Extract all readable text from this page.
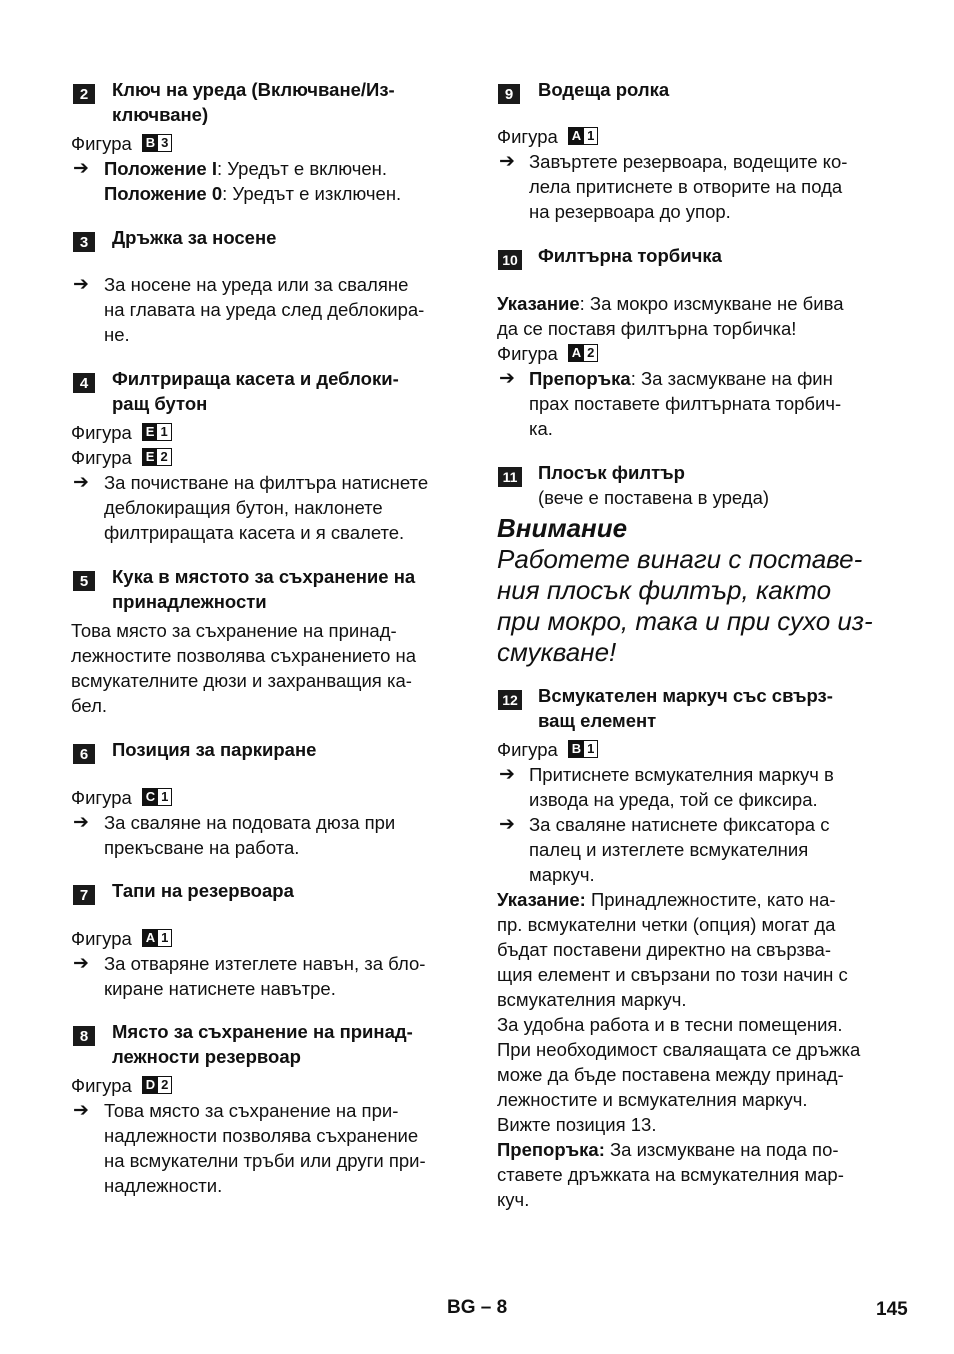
2	Ключ на уреда (Включване/Из-
ключване)
Фигура B 3
➔ Положение I: Уредът е включен.
Положение 0: Уредът е изключен.
3	Дръжка за носене
➔ За носене на уреда или за сваляне
на главата на уреда след деблокира-
не.
4	Филтрираща касета и деблоки-
ращ бутон
Фигура E 1
Фигура E 2
➔ За почистване на филтъра натиснете
деблокиращия бутон, наклонете
филтриращата касета и я свалете.
5	Кука в мястото за съхранение на
принадлежности
Това място за съхранение на принад-
лежностите позволява съхранението на
всмукателните дюзи и захранващия ка-
бел.
6	Позиция за паркиране
Фигура C 1
➔ За сваляне на подовата дюза при
прекъсване на работа.
7	Тапи на резервоара
Фигура A 1
➔ За отваряне изтеглете навън, за бло-
киране натиснете навътре.
8	Място за съхранение на принад-
лежности резервоар
Фигура D 2
➔ Това място за съхранение на при-
надлежности позволява съхранение
на всмукателни тръби или други при-
надлежности.
9	Водеща ролка
Фигура A 1
➔ Завъртете резервоара, водещите ко-
лела притиснете в отворите на пода
на резервоара до упор.
10 Филтърна торбичка
Указание: За мокро изсмукване не бива
да се поставя филтърна торбичка!
Фигура A 2
➔ Препоръка: За засмукване на фин
прах поставете филтърната торбич-
ка.
11 Плосък филтър
(вече е поставена в уреда)
Внимание
Работете винаги с поставе-
ния плосък филтър, както
при мокро, така и при сухо из-
смукване!
12 Всмукателен маркуч със свърз-
ващ елемент
Фигура B 1
➔ Притиснете всмукателния маркуч в
извода на уреда, той се фиксира.
➔ За сваляне натиснете фиксатора с
палец и изтеглете всмукателния
маркуч.
Указание: Принадлежностите, като на-
пр. всмукателни четки (опция) могат да
бъдат поставени директно на свързва-
щия елемент и свързани по този начин с
всмукателния маркуч.
За удобна работа и в тесни помещения.
При необходимост сваляащата се дръжка
може да бъде поставена между принад-
лежностите и всмукателния маркуч.
Вижте позиция 13.
Препоръка: За изсмукване на пода по-
ставете дръжката на всмукателния мар-
куч.
BG – 8	145
